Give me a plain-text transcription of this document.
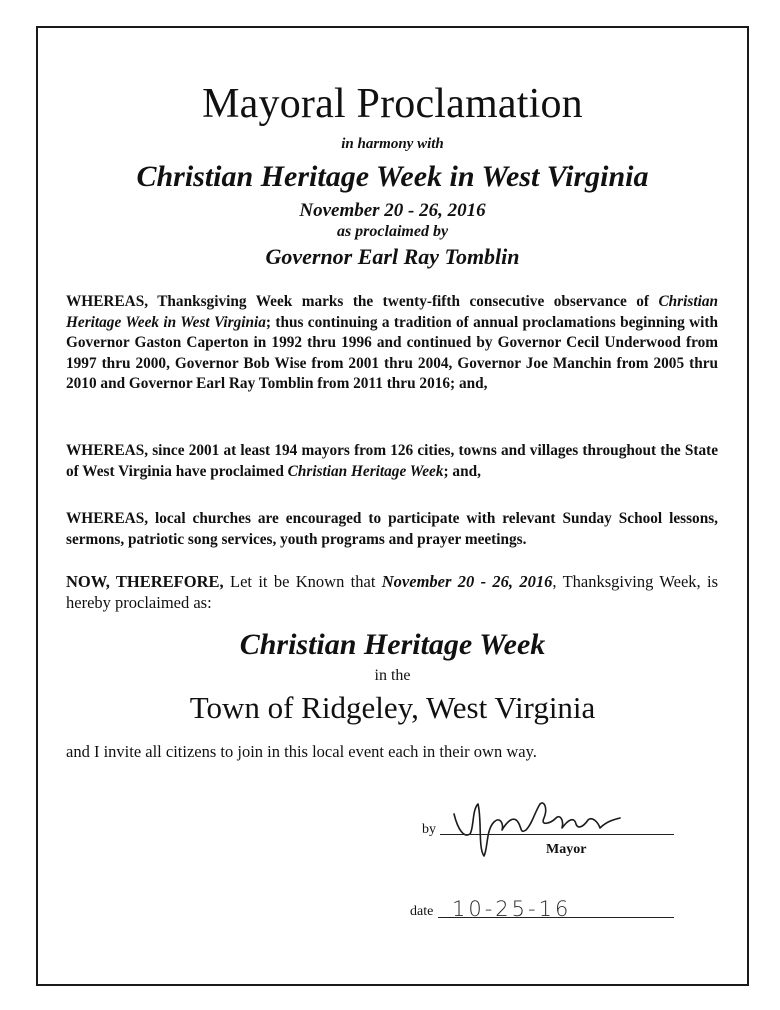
Mayoral Proclamation
in harmony with
Christian Heritage Week in West Virginia
November 20 - 26, 2016
as proclaimed by
Governor Earl Ray Tomblin
WHEREAS, Thanksgiving Week marks the twenty-fifth consecutive observance of Christian Heritage Week in West Virginia; thus continuing a tradition of annual proclamations beginning with Governor Gaston Caperton in 1992 thru 1996 and continued by Governor Cecil Underwood from 1997 thru 2000, Governor Bob Wise from 2001 thru 2004, Governor Joe Manchin from 2005 thru 2010 and Governor Earl Ray Tomblin from 2011 thru 2016; and,
WHEREAS, since 2001 at least 194 mayors from 126 cities, towns and villages throughout the State of West Virginia have proclaimed Christian Heritage Week; and,
WHEREAS, local churches are encouraged to participate with relevant Sunday School lessons, sermons, patriotic song services, youth programs and prayer meetings.
NOW, THEREFORE, Let it be Known that November 20 - 26, 2016, Thanksgiving Week, is hereby proclaimed as:
Christian Heritage Week
in the
Town of Ridgeley, West Virginia
and I invite all citizens to join in this local event each in their own way.
by
Mayor
date 10-25-16
